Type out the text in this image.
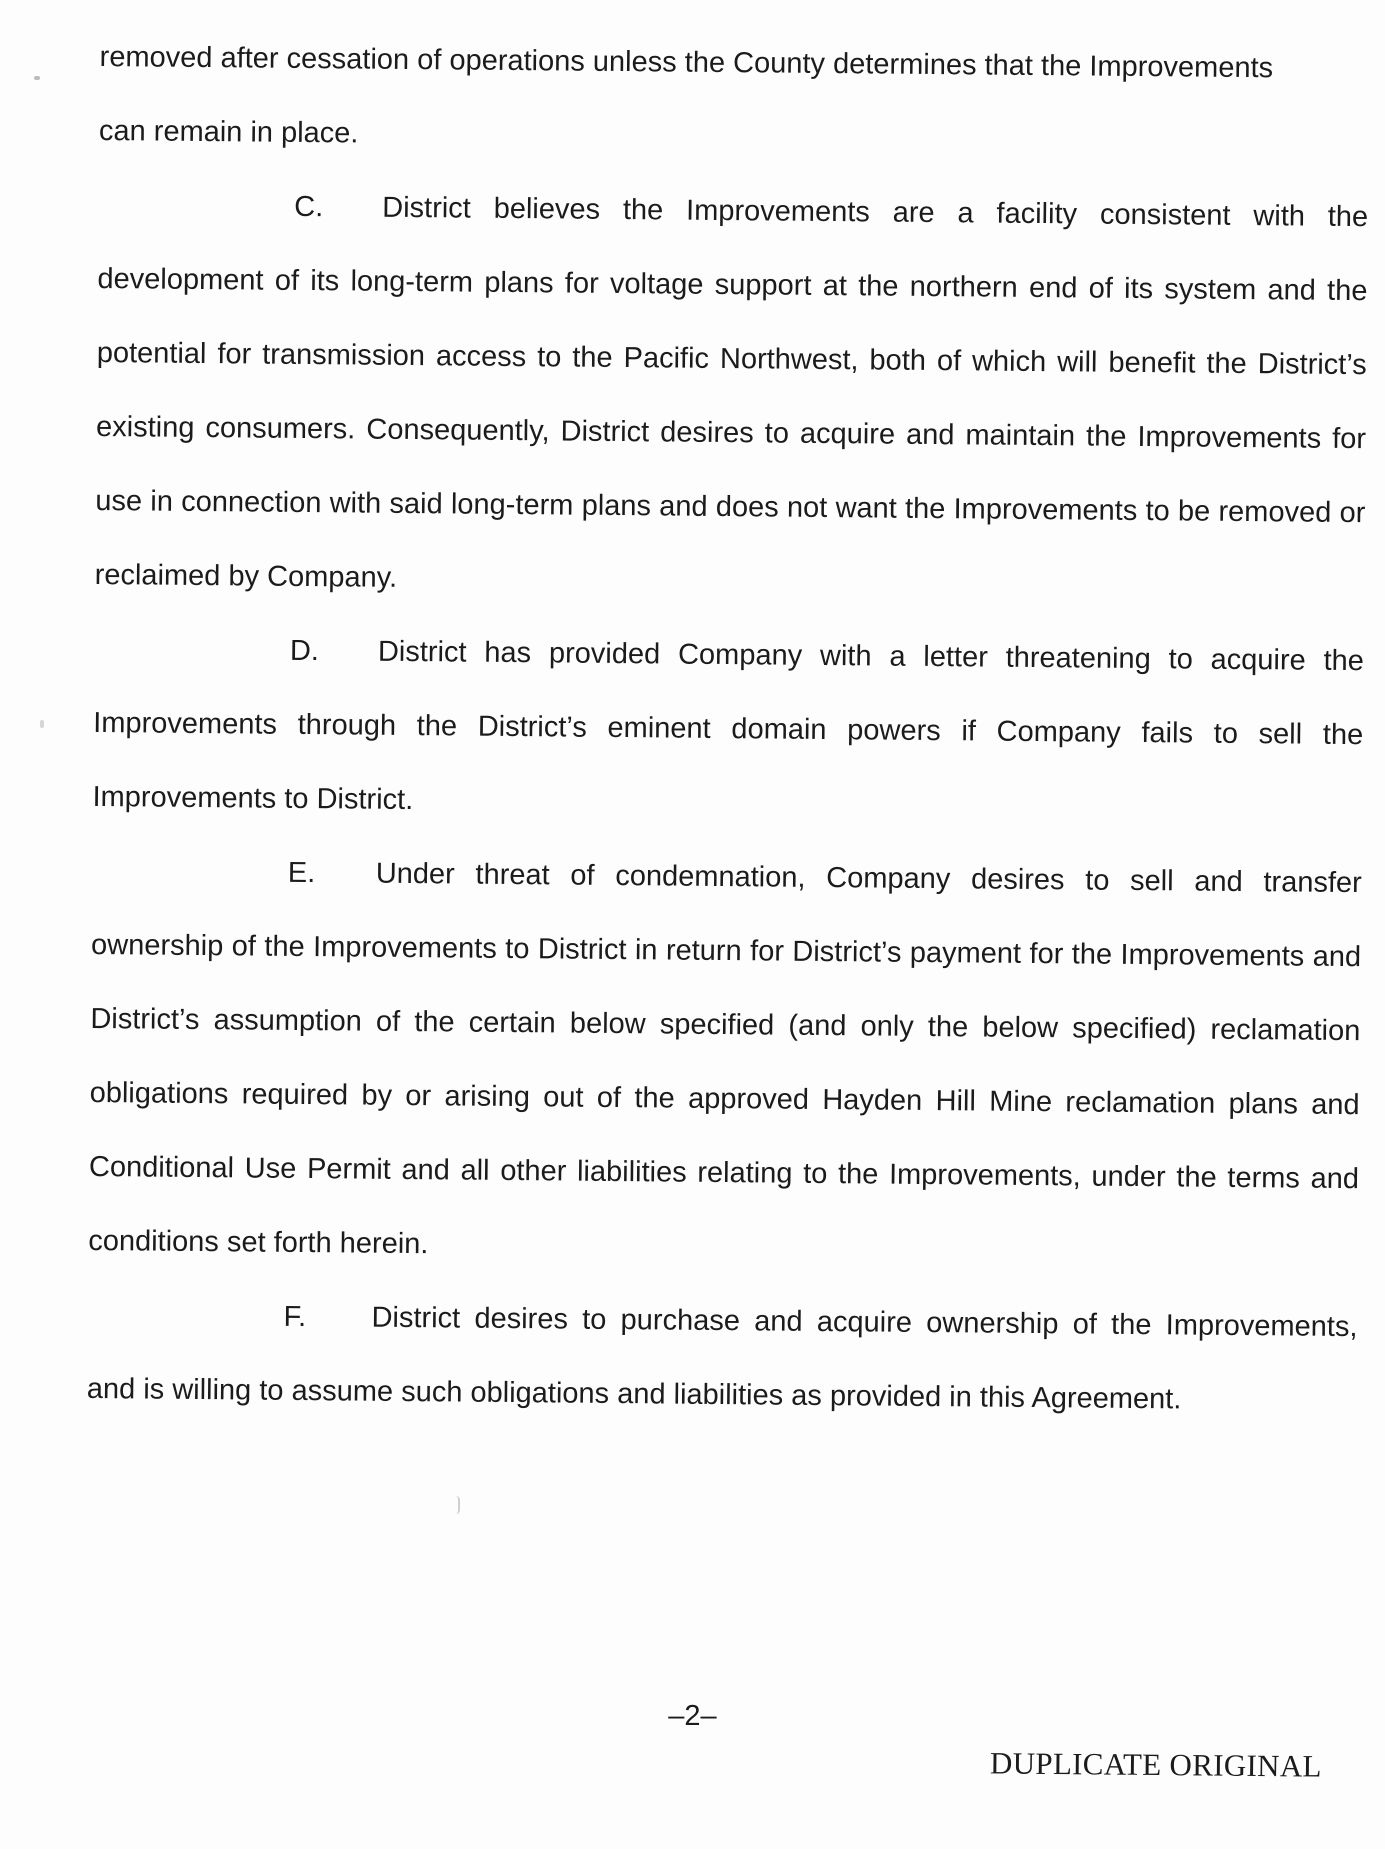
removed after cessation of operations unless the County determines that the Improvements
can remain in place.

C. District believes the Improvements are a facility consistent with the development of its long-term plans for voltage support at the northern end of its system and the potential for transmission access to the Pacific Northwest, both of which will benefit the District’s existing consumers. Consequently, District desires to acquire and maintain the Improvements for use in connection with said long-term plans and does not want the Improvements to be removed or reclaimed by Company.

D. District has provided Company with a letter threatening to acquire the Improvements through the District’s eminent domain powers if Company fails to sell the Improvements to District.

E. Under threat of condemnation, Company desires to sell and transfer ownership of the Improvements to District in return for District’s payment for the Improvements and District’s assumption of the certain below specified (and only the below specified) reclamation obligations required by or arising out of the approved Hayden Hill Mine reclamation plans and Conditional Use Permit and all other liabilities relating to the Improvements, under the terms and conditions set forth herein.

F. District desires to purchase and acquire ownership of the Improvements, and is willing to assume such obligations and liabilities as provided in this Agreement.

–2–
DUPLICATE ORIGINAL
